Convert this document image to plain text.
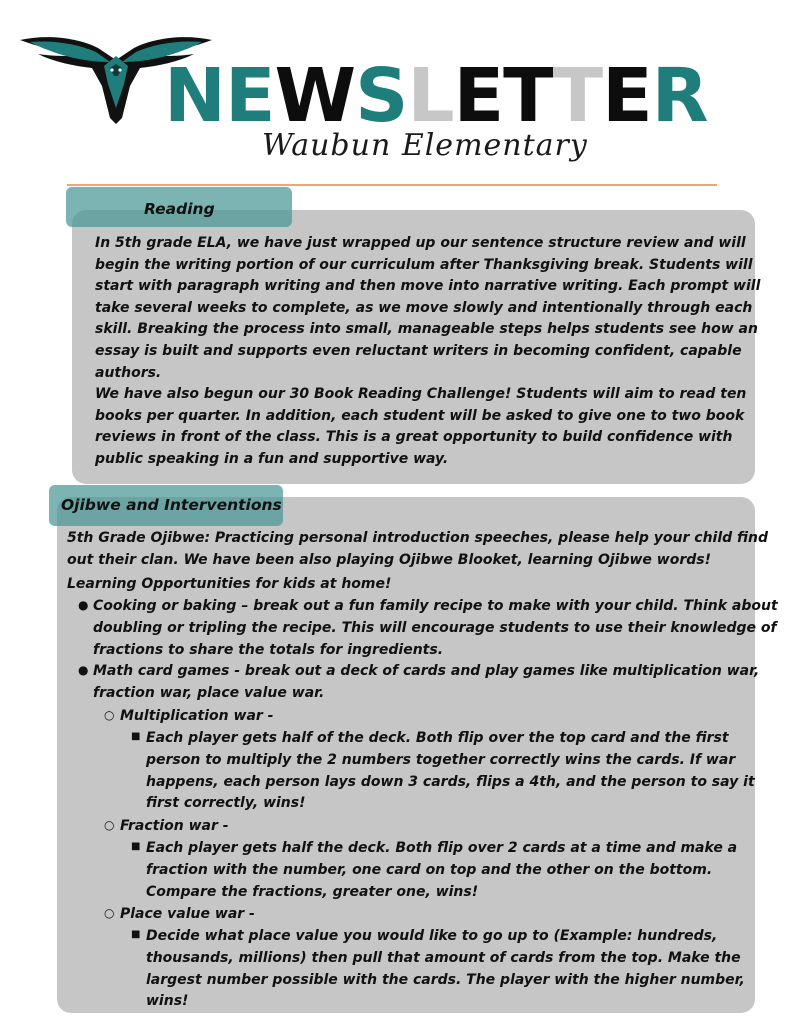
NEWSLETTER
Waubun Elementary
Reading
In 5th grade ELA, we have just wrapped up our sentence structure review and will
begin the writing portion of our curriculum after Thanksgiving break. Students will
start with paragraph writing and then move into narrative writing. Each prompt will
take several weeks to complete, as we move slowly and intentionally through each
skill. Breaking the process into small, manageable steps helps students see how an
essay is built and supports even reluctant writers in becoming confident, capable
authors.
We have also begun our 30 Book Reading Challenge! Students will aim to read ten
books per quarter. In addition, each student will be asked to give one to two book
reviews in front of the class. This is a great opportunity to build confidence with
public speaking in a fun and supportive way.
Ojibwe and Interventions
5th Grade Ojibwe: Practicing personal introduction speeches, please help your child find
out their clan. We have been also playing Ojibwe Blooket, learning Ojibwe words!
Learning Opportunities for kids at home!
● Cooking or baking – break out a fun family recipe to make with your child. Think about
doubling or tripling the recipe. This will encourage students to use their knowledge of
fractions to share the totals for ingredients.
● Math card games - break out a deck of cards and play games like multiplication war,
fraction war, place value war.
○ Multiplication war -
■ Each player gets half of the deck. Both flip over the top card and the first
person to multiply the 2 numbers together correctly wins the cards. If war
happens, each person lays down 3 cards, flips a 4th, and the person to say it
first correctly, wins!
○ Fraction war -
■ Each player gets half the deck. Both flip over 2 cards at a time and make a
fraction with the number, one card on top and the other on the bottom.
Compare the fractions, greater one, wins!
○ Place value war -
■ Decide what place value you would like to go up to (Example: hundreds,
thousands, millions) then pull that amount of cards from the top. Make the
largest number possible with the cards. The player with the higher number,
wins!
